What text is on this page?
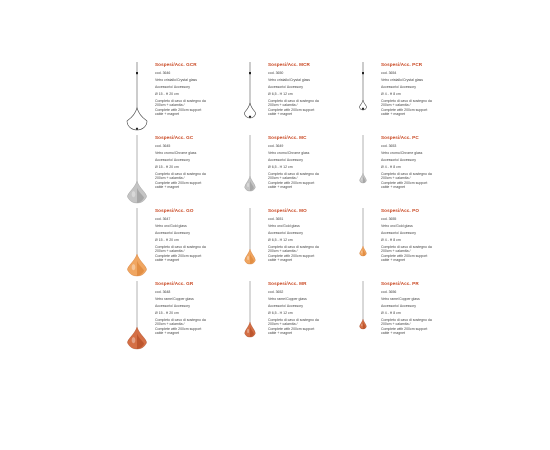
Sospesi/Acc. GCR
cod. 3646
Vetro cristallo/Crystal glass
Accessorio/ Accessory
Ø 15 - H 20 cm
Completo di cavo di sostegno da
200cm + calamita /
Complete with 200cm support
cable + magnet
Sospesi/Acc. MCR
cod. 3650
Vetro cristallo/Crystal glass
Accessorio/ Accessory
Ø 6,5 - H 12 cm
Completo di cavo di sostegno da
200cm + calamita /
Complete with 200cm support
cable + magnet
Sospesi/Acc. PCR
cod. 3654
Vetro cristallo/Crystal glass
Accessorio/ Accessory
Ø 4 - H 8 cm
Completo di cavo di sostegno da
200cm + calamita /
Complete with 200cm support
cable + magnet
Sospesi/Acc. GC
cod. 3645
Vetro cromo/Chrome glass
Accessorio/ Accessory
Ø 15 - H 20 cm
Completo di cavo di sostegno da
200cm + calamita /
Complete with 200cm support
cable + magnet
Sospesi/Acc. MC
cod. 3649
Vetro cromo/Chrome glass
Accessorio/ Accessory
Ø 6,5 - H 12 cm
Completo di cavo di sostegno da
200cm + calamita /
Complete with 200cm support
cable + magnet
Sospesi/Acc. PC
cod. 3653
Vetro cromo/Chrome glass
Accessorio/ Accessory
Ø 4 - H 8 cm
Completo di cavo di sostegno da
200cm + calamita /
Complete with 200cm support
cable + magnet
Sospesi/Acc. GO
cod. 3647
Vetro oro/Gold glass
Accessorio/ Accessory
Ø 15 - H 20 cm
Completo di cavo di sostegno da
200cm + calamita /
Complete with 200cm support
cable + magnet
Sospesi/Acc. MO
cod. 3651
Vetro oro/Gold glass
Accessorio/ Accessory
Ø 6,5 - H 12 cm
Completo di cavo di sostegno da
200cm + calamita /
Complete with 200cm support
cable + magnet
Sospesi/Acc. PO
cod. 3655
Vetro oro/Gold glass
Accessorio/ Accessory
Ø 4 - H 8 cm
Completo di cavo di sostegno da
200cm + calamita /
Complete with 200cm support
cable + magnet
Sospesi/Acc. GR
cod. 3648
Vetro rame/Copper glass
Accessorio/ Accessory
Ø 15 - H 20 cm
Completo di cavo di sostegno da
200cm + calamita /
Complete with 200cm support
cable + magnet
Sospesi/Acc. MR
cod. 3652
Vetro rame/Copper glass
Accessorio/ Accessory
Ø 6,5 - H 12 cm
Completo di cavo di sostegno da
200cm + calamita /
Complete with 200cm support
cable + magnet
Sospesi/Acc. PR
cod. 3656
Vetro rame/Copper glass
Accessorio/ Accessory
Ø 4 - H 8 cm
Completo di cavo di sostegno da
200cm + calamita /
Complete with 200cm support
cable + magnet
